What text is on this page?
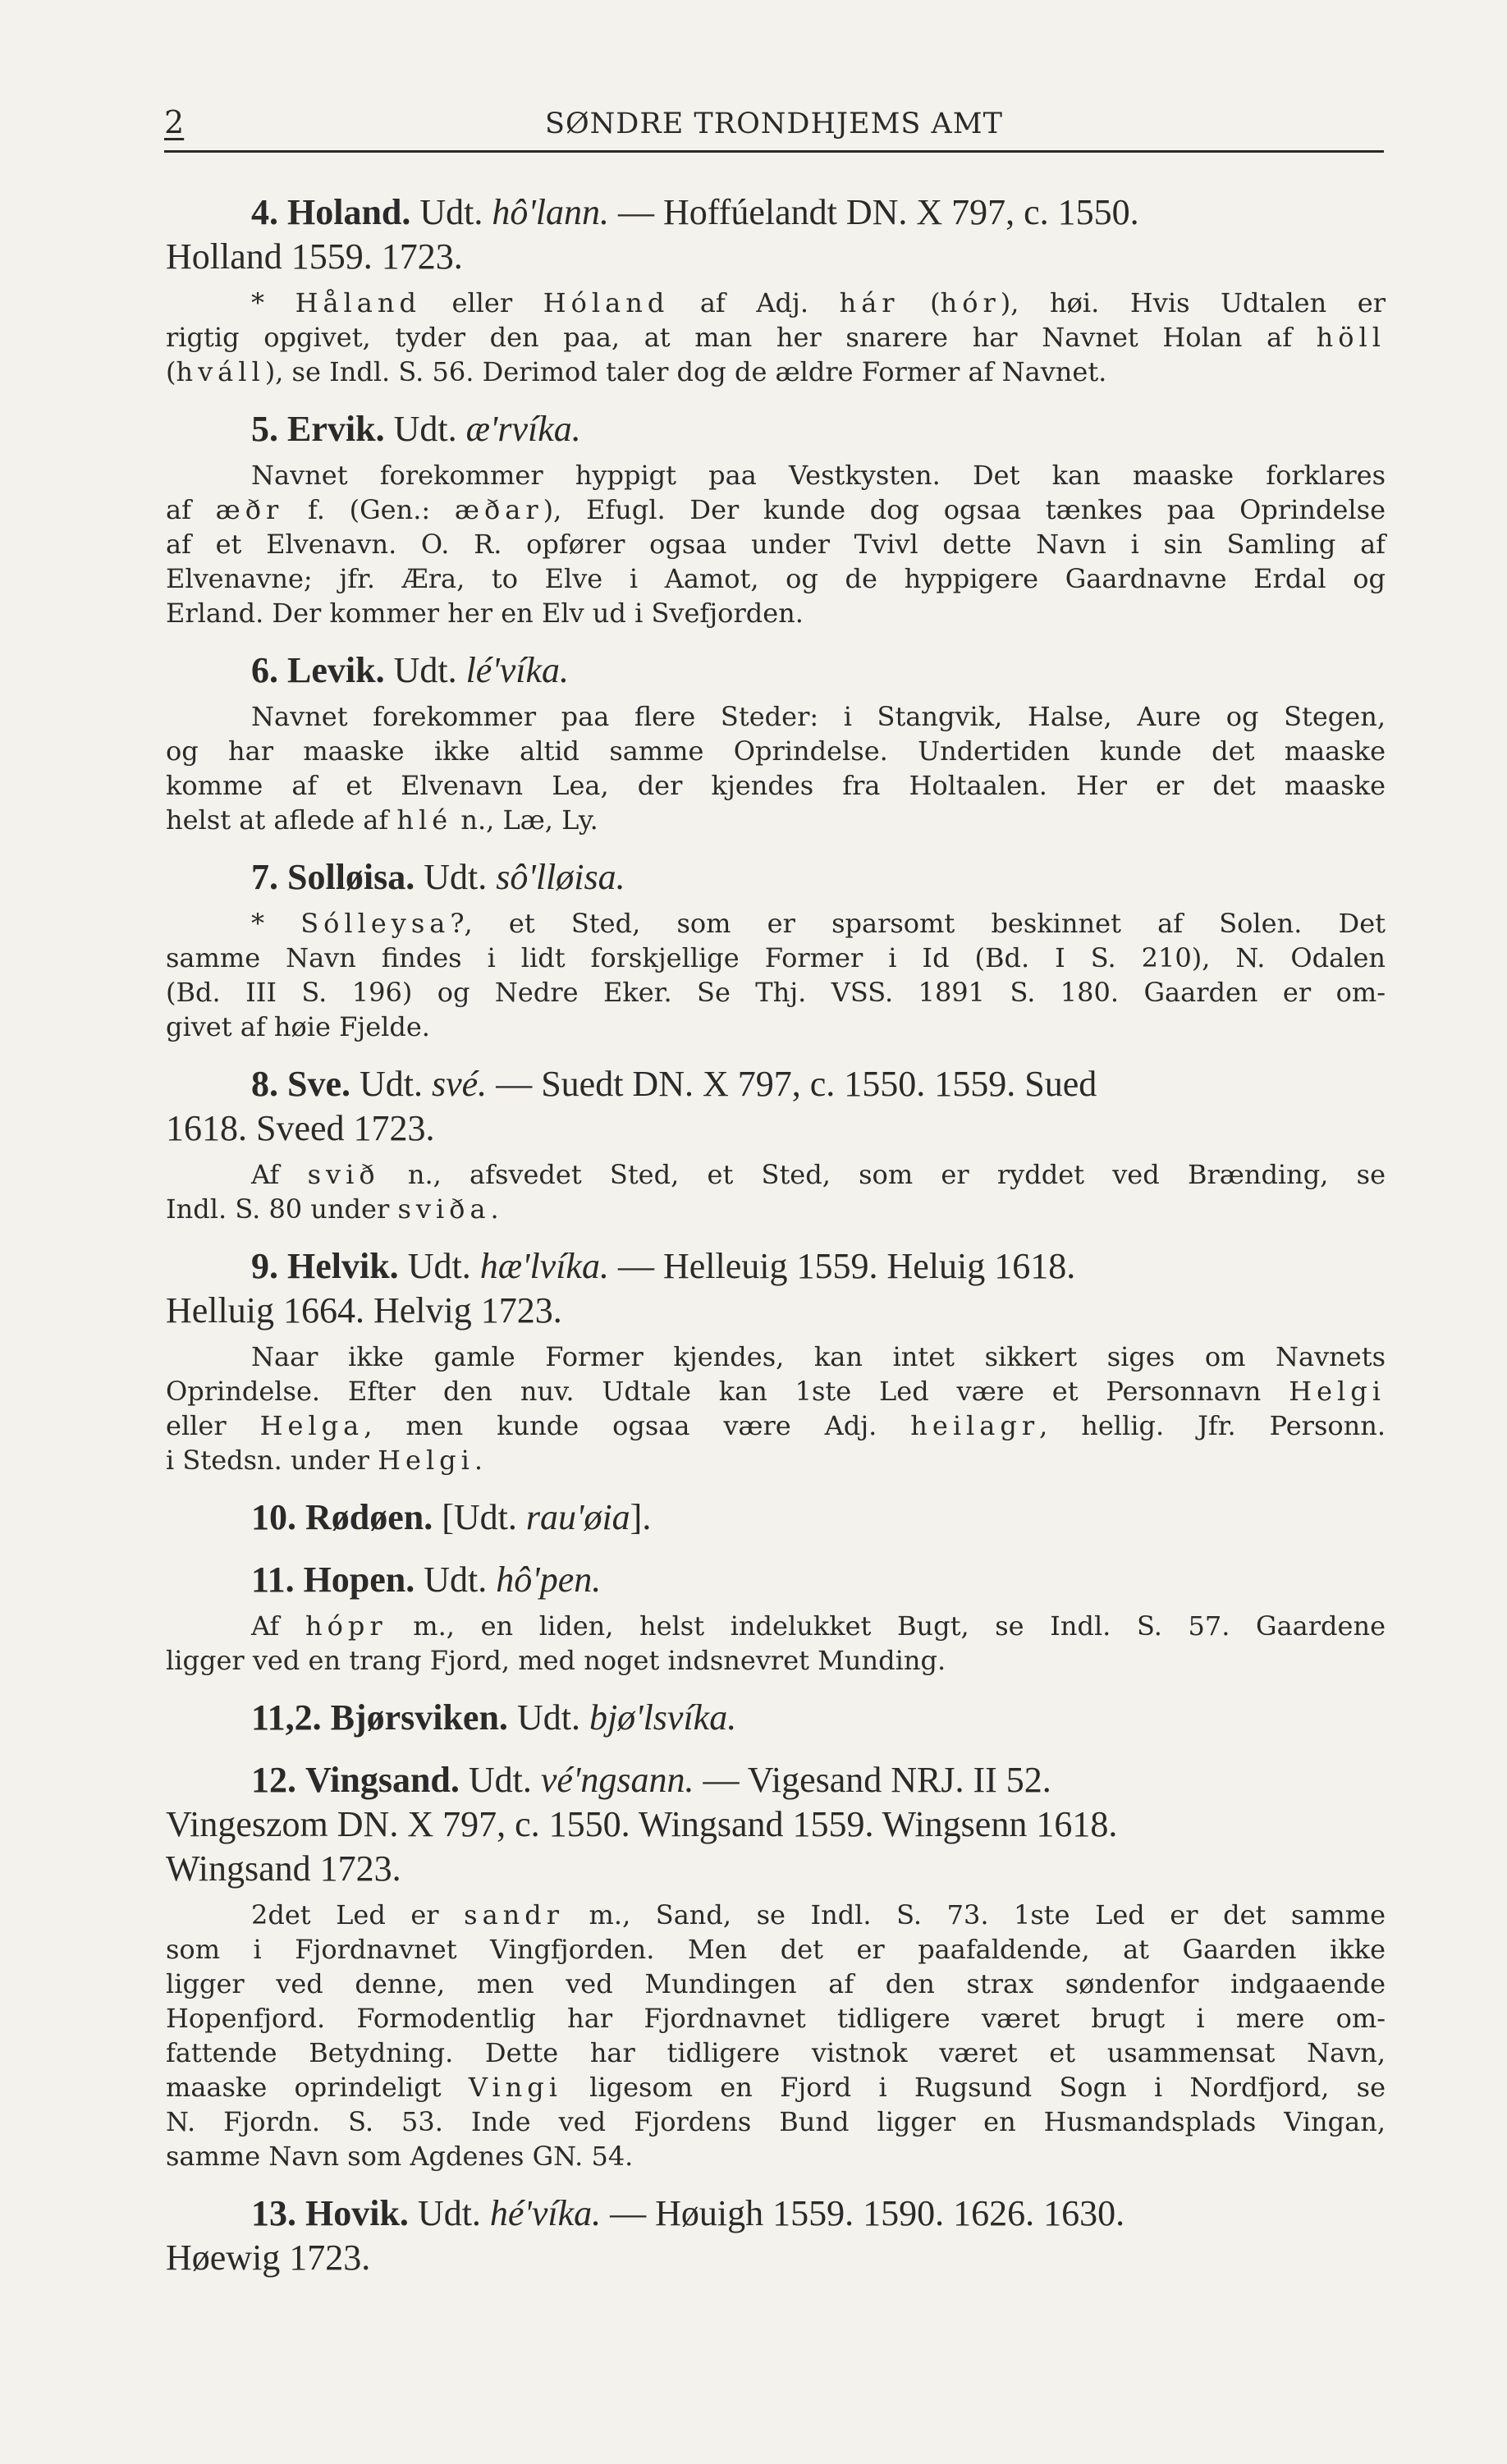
2	SØNDRE TRONDHJEMS AMT
4. Holand. Udt. hô'lann. — Hoffúelandt DN. X 797, c. 1550.
Holland 1559. 1723.
* Håland eller Hóland af Adj. hár (hór), høi. Hvis Udtalen er
rigtig opgivet, tyder den paa, at man her snarere har Navnet Holan af höll
(hváll), se Indl. S. 56. Derimod taler dog de ældre Former af Navnet.
5. Ervik. Udt. æ'rvíka.
Navnet forekommer hyppigt paa Vestkysten. Det kan maaske forklares
af æðr f. (Gen.: æðar), Efugl. Der kunde dog ogsaa tænkes paa Oprindelse
af et Elvenavn. O. R. opfører ogsaa under Tvivl dette Navn i sin Samling af
Elvenavne; jfr. Æra, to Elve i Aamot, og de hyppigere Gaardnavne Erdal og
Erland. Der kommer her en Elv ud i Svefjorden.
6. Levik. Udt. lé'víka.
Navnet forekommer paa flere Steder: i Stangvik, Halse, Aure og Stegen,
og har maaske ikke altid samme Oprindelse. Undertiden kunde det maaske
komme af et Elvenavn Lea, der kjendes fra Holtaalen. Her er det maaske
helst at aflede af hlé n., Læ, Ly.
7. Solløisa. Udt. sô'lløisa.
* Sólleysa?, et Sted, som er sparsomt beskinnet af Solen. Det
samme Navn findes i lidt forskjellige Former i Id (Bd. I S. 210), N. Odalen
(Bd. III S. 196) og Nedre Eker. Se Thj. VSS. 1891 S. 180. Gaarden er om-
givet af høie Fjelde.
8. Sve. Udt. své. — Suedt DN. X 797, c. 1550. 1559. Sued
1618. Sveed 1723.
Af svið n., afsvedet Sted, et Sted, som er ryddet ved Brænding, se
Indl. S. 80 under sviða.
9. Helvik. Udt. hæ'lvíka. — Helleuig 1559. Heluig 1618.
Helluig 1664. Helvig 1723.
Naar ikke gamle Former kjendes, kan intet sikkert siges om Navnets
Oprindelse. Efter den nuv. Udtale kan 1ste Led være et Personnavn Helgi
eller Helga, men kunde ogsaa være Adj. heilagr, hellig. Jfr. Personn.
i Stedsn. under Helgi.
10. Rødøen. [Udt. rau'øia].
11. Hopen. Udt. hô'pen.
Af hópr m., en liden, helst indelukket Bugt, se Indl. S. 57. Gaardene
ligger ved en trang Fjord, med noget indsnevret Munding.
11,2. Bjørsviken. Udt. bjø'lsvíka.
12. Vingsand. Udt. vé'ngsann. — Vigesand NRJ. II 52.
Vingeszom DN. X 797, c. 1550. Wingsand 1559. Wingsenn 1618.
Wingsand 1723.
2det Led er sandr m., Sand, se Indl. S. 73. 1ste Led er det samme
som i Fjordnavnet Vingfjorden. Men det er paafaldende, at Gaarden ikke
ligger ved denne, men ved Mundingen af den strax søndenfor indgaaende
Hopenfjord. Formodentlig har Fjordnavnet tidligere været brugt i mere om-
fattende Betydning. Dette har tidligere vistnok været et usammensat Navn,
maaske oprindeligt Vingi ligesom en Fjord i Rugsund Sogn i Nordfjord, se
N. Fjordn. S. 53. Inde ved Fjordens Bund ligger en Husmandsplads Vingan,
samme Navn som Agdenes GN. 54.
13. Hovik. Udt. hé'víka. — Høuigh 1559. 1590. 1626. 1630.
Høewig 1723.
